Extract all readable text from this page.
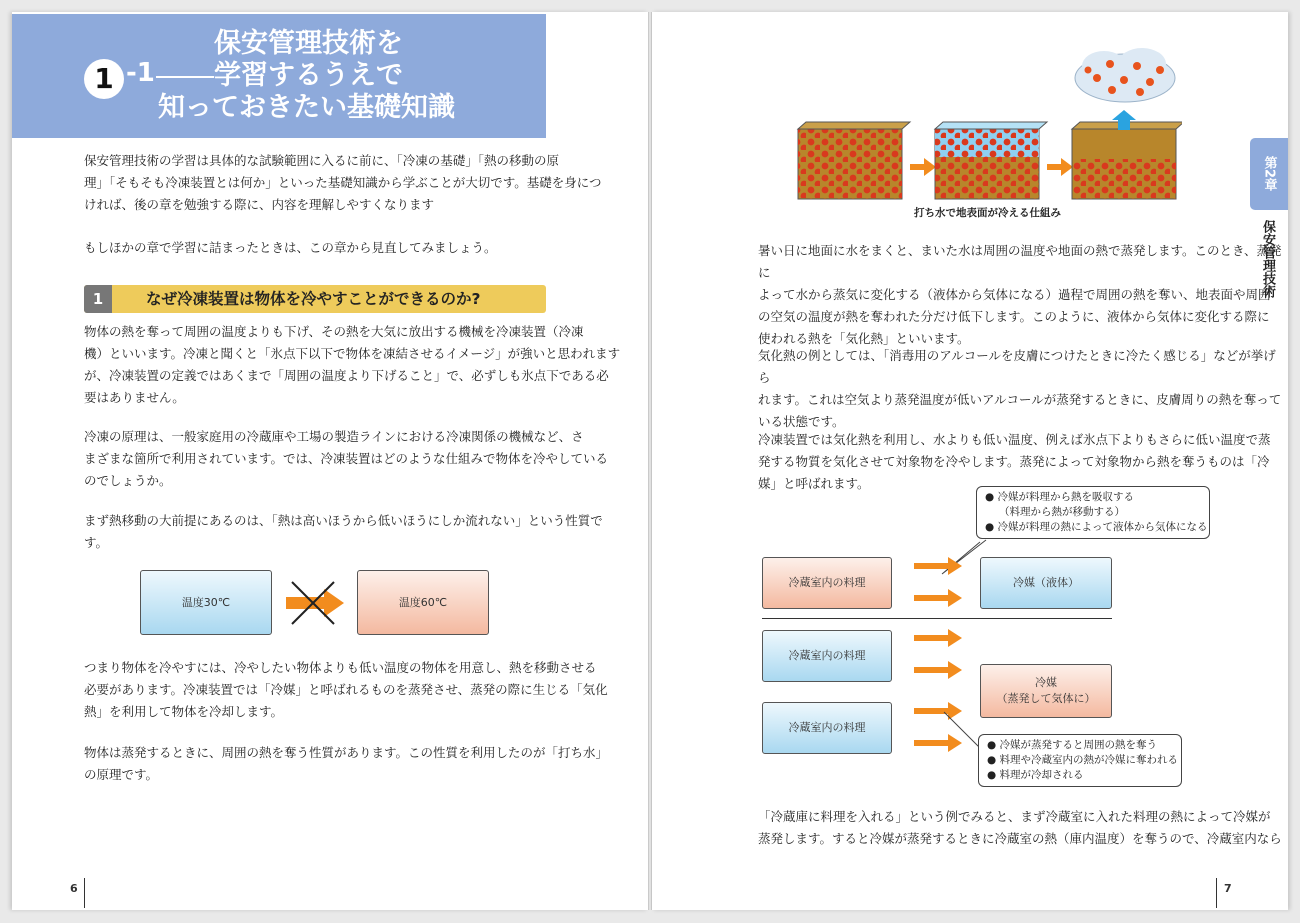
1 -1
保安管理技術を
学習するうえで
知っておきたい基礎知識
保安管理技術の学習は具体的な試験範囲に入るに前に、「冷凍の基礎」「熱の移動の原
理」「そもそも冷凍装置とは何か」といった基礎知識から学ぶことが大切です。基礎を身につ
ければ、後の章を勉強する際に、内容を理解しやすくなります
もしほかの章で学習に詰まったときは、この章から見直してみましょう。
1	なぜ冷凍装置は物体を冷やすことができるのか?
物体の熱を奪って周囲の温度よりも下げ、その熱を大気に放出する機械を冷凍装置（冷凍
機）といいます。冷凍と聞くと「氷点下以下で物体を凍結させるイメージ」が強いと思われます
が、冷凍装置の定義ではあくまで「周囲の温度より下げること」で、必ずしも氷点下である必
要はありません。
冷凍の原理は、一般家庭用の冷蔵庫や工場の製造ラインにおける冷凍関係の機械など、さ
まざまな箇所で利用されています。では、冷凍装置はどのような仕組みで物体を冷やしている
のでしょうか。
まず熱移動の大前提にあるのは、「熱は高いほうから低いほうにしか流れない」という性質で
す。
温度30℃	温度60℃
つまり物体を冷やすには、冷やしたい物体よりも低い温度の物体を用意し、熱を移動させる
必要があります。冷凍装置では「冷媒」と呼ばれるものを蒸発させ、蒸発の際に生じる「気化
熱」を利用して物体を冷却します。
物体は蒸発するときに、周囲の熱を奪う性質があります。この性質を利用したのが「打ち水」
の原理です。
6
打ち水で地表面が冷える仕組み
暑い日に地面に水をまくと、まいた水は周囲の温度や地面の熱で蒸発します。このとき、蒸発に
よって水から蒸気に変化する（液体から気体になる）過程で周囲の熱を奪い、地表面や周囲
の空気の温度が熱を奪われた分だけ低下します。このように、液体から気体に変化する際に
使われる熱を「気化熱」といいます。
気化熱の例としては、「消毒用のアルコールを皮膚につけたときに冷たく感じる」などが挙げら
れます。これは空気より蒸発温度が低いアルコールが蒸発するときに、皮膚周りの熱を奪って
いる状態です。
冷凍装置では気化熱を利用し、水よりも低い温度、例えば氷点下よりもさらに低い温度で蒸
発する物質を気化させて対象物を冷やします。蒸発によって対象物から熱を奪うものは「冷
媒」と呼ばれます。
● 冷媒が料理から熱を吸収する
（料理から熱が移動する）
● 冷媒が料理の熱によって液体から気体になる
冷蔵室内の料理	冷媒（液体）
冷蔵室内の料理
冷蔵室内の料理
冷媒
（蒸発して気体に）
● 冷媒が蒸発すると周囲の熱を奪う
● 料理や冷蔵室内の熱が冷媒に奪われる
● 料理が冷却される
「冷蔵庫に料理を入れる」という例でみると、まず冷蔵室に入れた料理の熱によって冷媒が
蒸発します。すると冷媒が蒸発するときに冷蔵室の熱（庫内温度）を奪うので、冷蔵室内なら
第2章
保安管理技術
7
